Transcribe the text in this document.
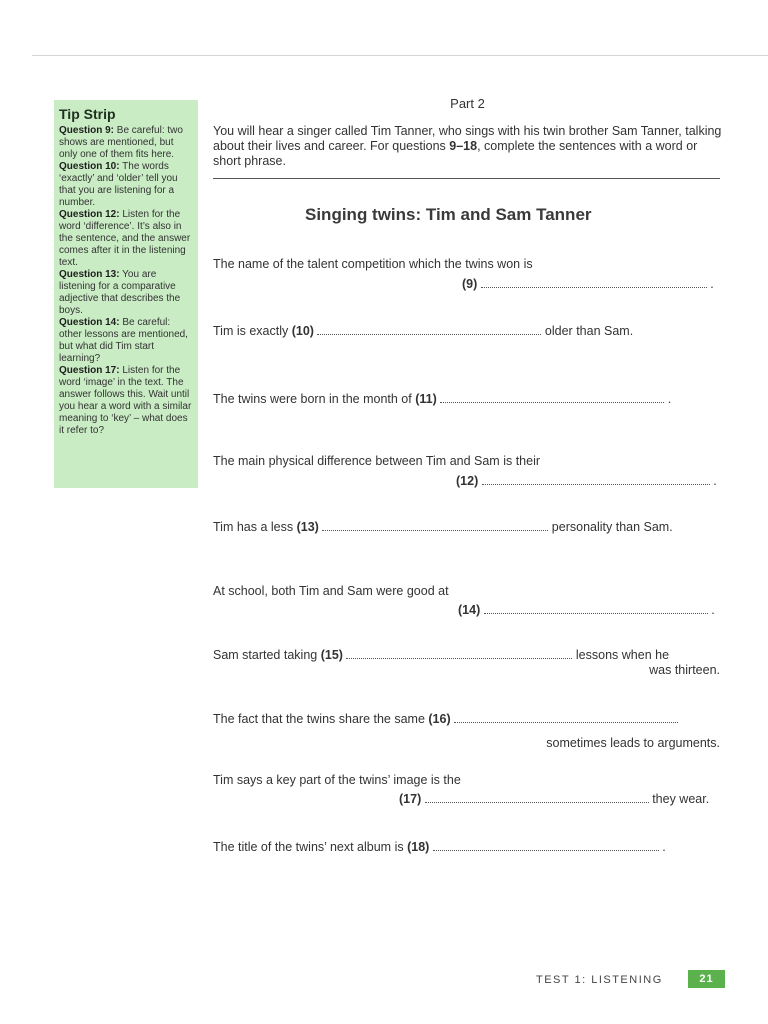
Tip Strip

Question 9: Be careful: two shows are mentioned, but only one of them fits here.

Question 10: The words ‘exactly’ and ‘older’ tell you that you are listening for a number.

Question 12: Listen for the word ‘difference’. It’s also in the sentence, and the answer comes after it in the listening text.

Question 13: You are listening for a comparative adjective that describes the boys.

Question 14: Be careful: other lessons are mentioned, but what did Tim start learning?

Question 17: Listen for the word ‘image’ in the text. The answer follows this. Wait until you hear a word with a similar meaning to ‘key’ – what does it refer to?

Part 2
You will hear a singer called Tim Tanner, who sings with his twin brother Sam Tanner, talking about their lives and career. For questions 9–18, complete the sentences with a word or short phrase.
Singing twins: Tim and Sam Tanner
The name of the talent competition which the twins won is
(9)	.
Tim is exactly (10)	older than Sam.
The twins were born in the month of (11)	.
The main physical difference between Tim and Sam is their
(12)	.
Tim has a less (13)	personality than Sam.
At school, both Tim and Sam were good at
(14)	.
Sam started taking (15)	lessons when he
was thirteen.
The fact that the twins share the same (16)
sometimes leads to arguments.
Tim says a key part of the twins’ image is the
(17)	they wear.
The title of the twins’ next album is (18)	.
TEST 1: LISTENING	21
